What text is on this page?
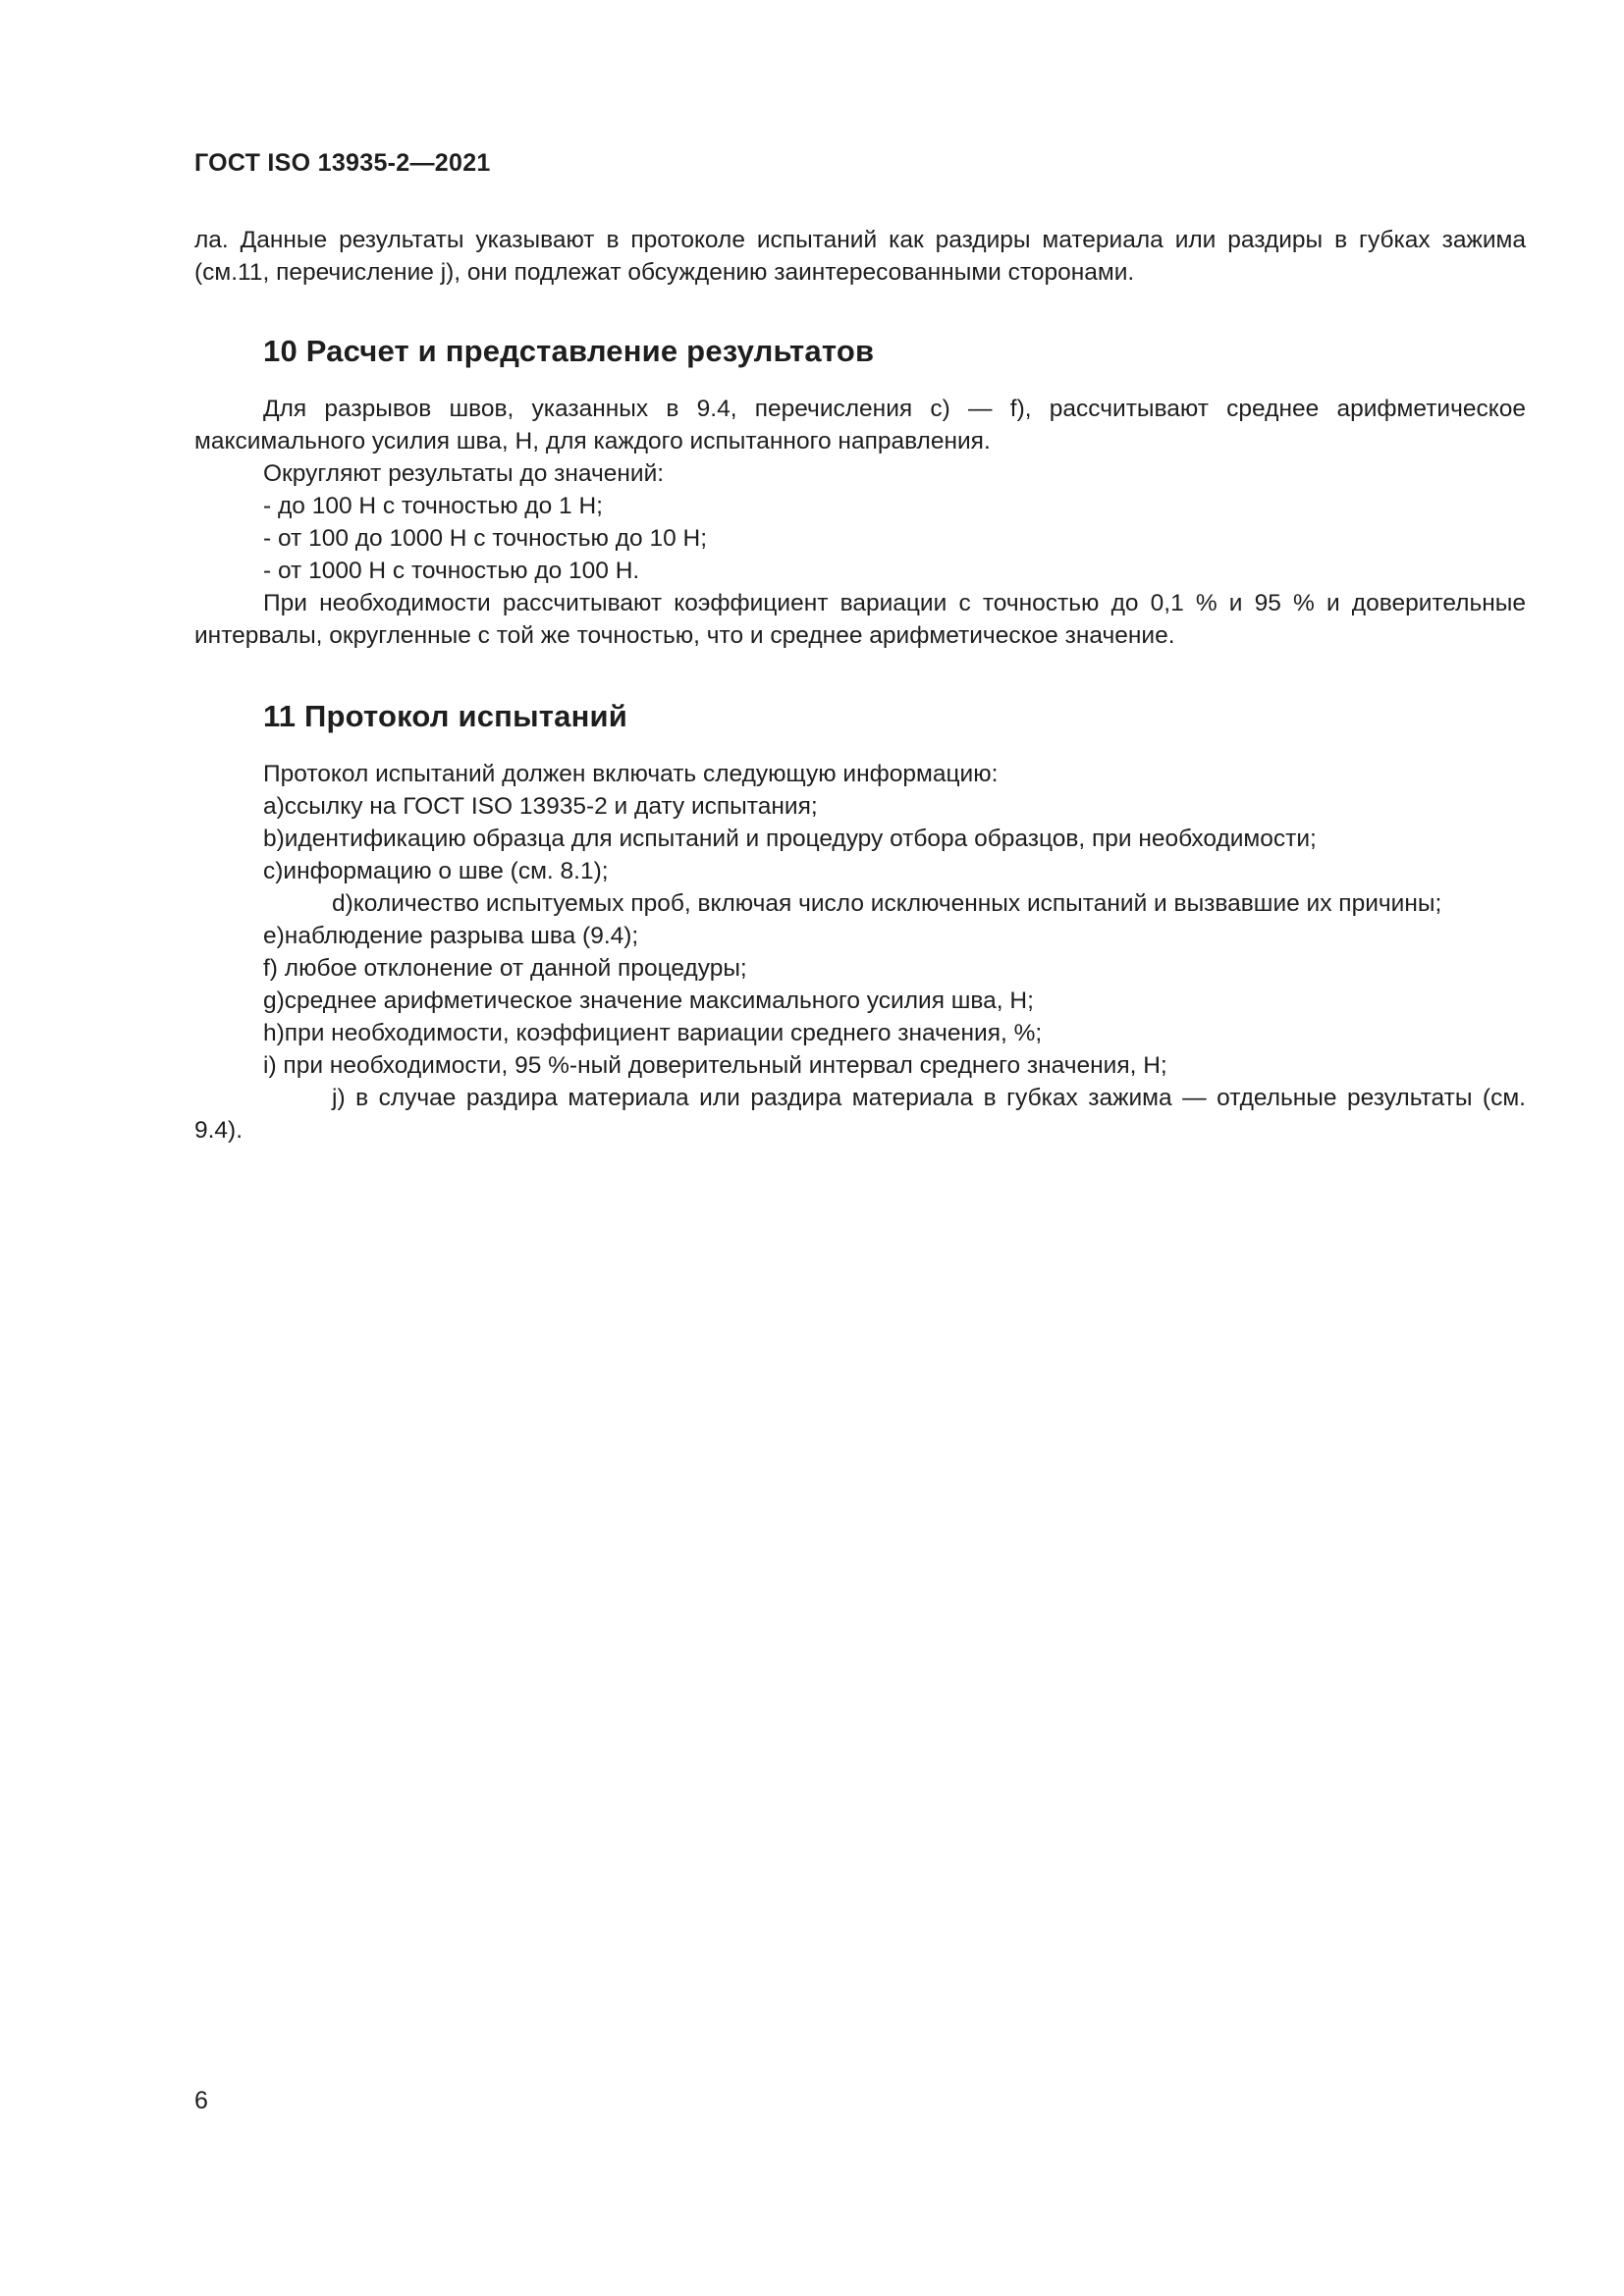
ГОСТ ISO 13935-2—2021

ла. Данные результаты указывают в протоколе испытаний как раздиры материала или раздиры в губках зажима (см.11, перечисление j), они подлежат обсуждению заинтересованными сторонами.

10 Расчет и представление результатов

Для разрывов швов, указанных в 9.4, перечисления c) — f), рассчитывают среднее арифметическое максимального усилия шва, Н, для каждого испытанного направления.

Округляют результаты до значений:

- до 100 Н с точностью до 1 Н;

- от 100 до 1000 Н с точностью до 10 Н;

- от 1000 Н с точностью до 100 Н.

При необходимости рассчитывают коэффициент вариации с точностью до 0,1 % и 95 % и доверительные интервалы, округленные с той же точностью, что и среднее арифметическое значение.

11 Протокол испытаний

Протокол испытаний должен включать следующую информацию:

a)ссылку на ГОСТ ISO 13935-2 и дату испытания;

b)идентификацию образца для испытаний и процедуру отбора образцов, при необходимости;

c)информацию о шве (см. 8.1);

d)количество испытуемых проб, включая число исключенных испытаний и вызвавшие их причины;

e)наблюдение разрыва шва (9.4);

f) любое отклонение от данной процедуры;

g)среднее арифметическое значение максимального усилия шва, Н;

h)при необходимости, коэффициент вариации среднего значения, %;

i) при необходимости, 95 %-ный доверительный интервал среднего значения, Н;

j) в случае раздира материала или раздира материала в губках зажима — отдельные результаты (см. 9.4).

6
